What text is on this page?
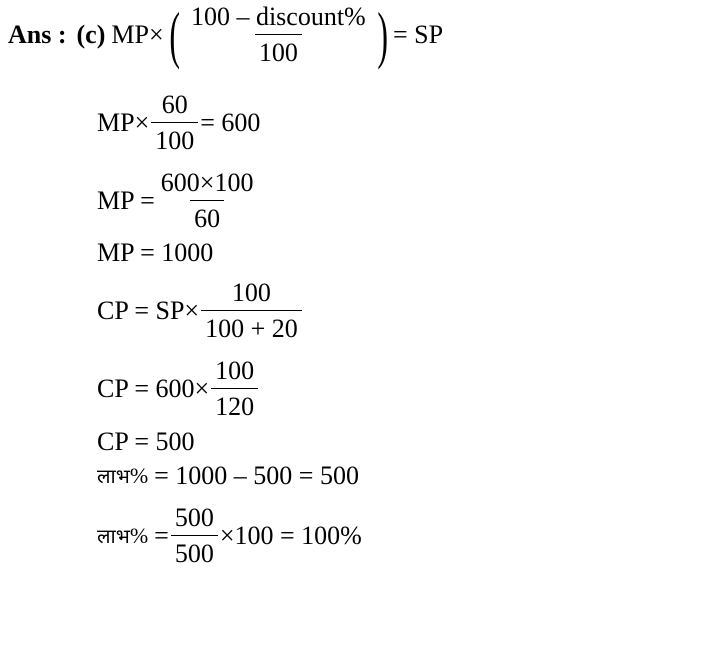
Ans : (c) MP × ( $\frac{\text{100 – discount\%}}{100}$ ) = SP
$MP\times \frac{60}{100} = 600$
MP = $\frac{600\times 100}{60}$
MP = 1000
CP = $SP\times \frac{100}{100 + 20}$
CP = $600\times \frac{100}{120}$
CP = 500
लाभ % = 1000 – 500 = 500
लाभ % = $\frac{500}{500} \times 100 = 100\%$
